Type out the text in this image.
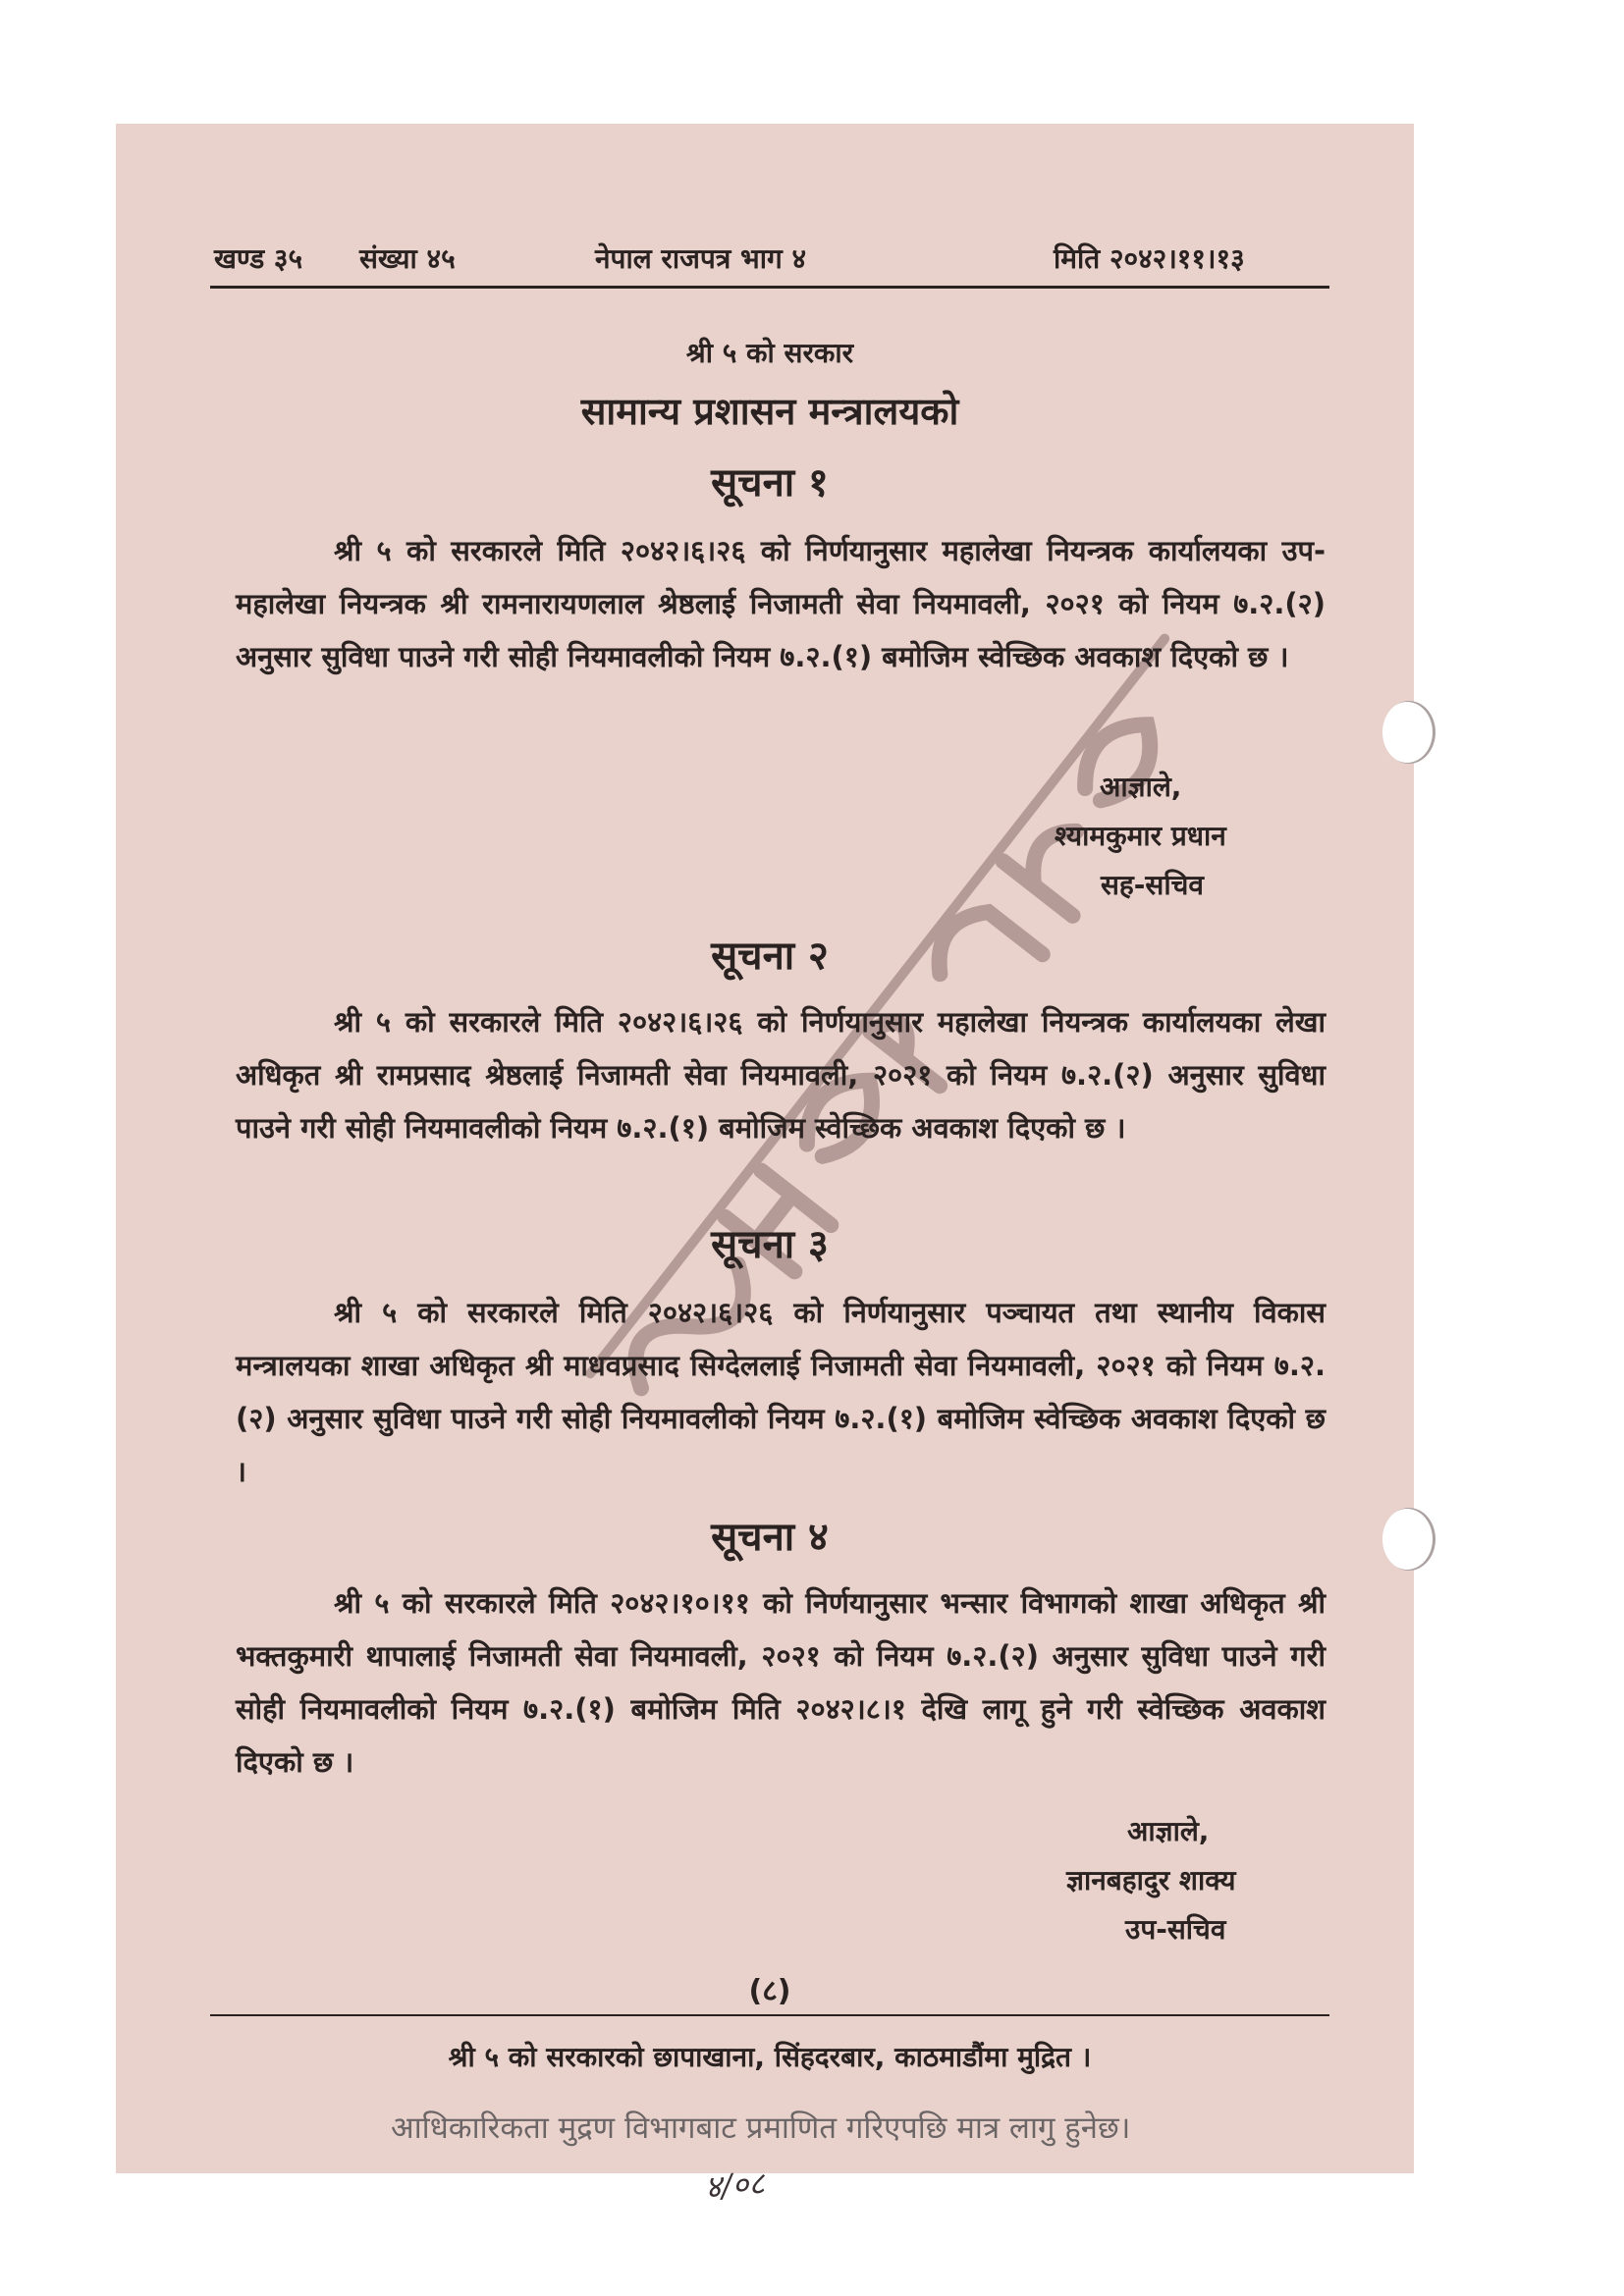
खण्ड ३५ संख्या ४५	नेपाल राजपत्र भाग ४	मिति २०४२।११।१३
श्री ५ को सरकार
सामान्य प्रशासन मन्त्रालयको
सूचना १

श्री ५ को सरकारले मिति २०४२।६।२६ को निर्णयानुसार महालेखा नियन्त्रक कार्यालयका उप-महालेखा नियन्त्रक श्री रामनारायणलाल श्रेष्ठलाई निजामती सेवा नियमावली, २०२१ को नियम ७.२.(२) अनुसार सुविधा पाउने गरी सोही नियमावलीको नियम ७.२.(१) बमोजिम स्वेच्छिक अवकाश दिएको छ ।

आज्ञाले,
श्यामकुमार प्रधान
सह-सचिव
सूचना २

श्री ५ को सरकारले मिति २०४२।६।२६ को निर्णयानुसार महालेखा नियन्त्रक कार्यालयका लेखा अधिकृत श्री रामप्रसाद श्रेष्ठलाई निजामती सेवा नियमावली, २०२१ को नियम ७.२.(२) अनुसार सुविधा पाउने गरी सोही नियमावलीको नियम ७.२.(१) बमोजिम स्वेच्छिक अवकाश दिएको छ ।

सूचना ३

श्री ५ को सरकारले मिति २०४२।६।२६ को निर्णयानुसार पञ्चायत तथा स्थानीय विकास मन्त्रालयका शाखा अधिकृत श्री माधवप्रसाद सिग्देललाई निजामती सेवा नियमावली, २०२१ को नियम ७.२.(२) अनुसार सुविधा पाउने गरी सोही नियमावलीको नियम ७.२.(१) बमोजिम स्वेच्छिक अवकाश दिएको छ ।

सूचना ४

श्री ५ को सरकारले मिति २०४२।१०।११ को निर्णयानुसार भन्सार विभागको शाखा अधिकृत श्री भक्तकुमारी थापालाई निजामती सेवा नियमावली, २०२१ को नियम ७.२.(२) अनुसार सुविधा पाउने गरी सोही नियमावलीको नियम ७.२.(१) बमोजिम मिति २०४२।८।१ देखि लागू हुने गरी स्वेच्छिक अवकाश दिएको छ ।

आज्ञाले,
ज्ञानबहादुर शाक्य
उप-सचिव
(८)
श्री ५ को सरकारको छापाखाना, सिंहदरबार, काठमाडौंमा मुद्रित ।
आधिकारिकता मुद्रण विभागबाट प्रमाणित गरिएपछि मात्र लागु हुनेछ।
४/०८
